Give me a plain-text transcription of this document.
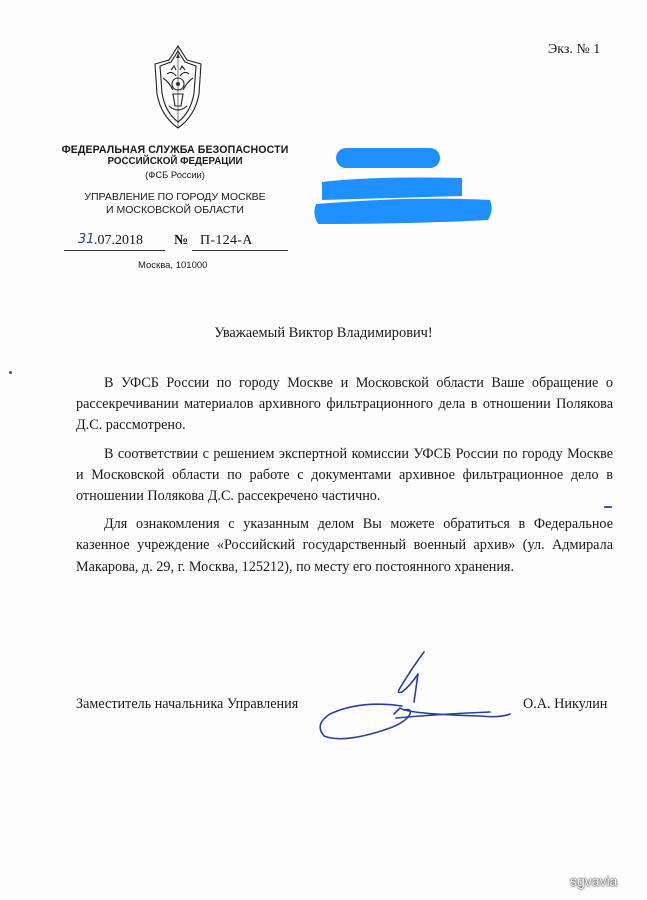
Экз. № 1
ФЕДЕРАЛЬНАЯ СЛУЖБА БЕЗОПАСНОСТИ
РОССИЙСКОЙ ФЕДЕРАЦИИ
(ФСБ России)
УПРАВЛЕНИЕ ПО ГОРОДУ МОСКВЕ
И МОСКОВСКОЙ ОБЛАСТИ
31 .07.2018 № П-124-А
Москва, 101000
Уважаемый Виктор Владимирович!

В УФСБ России по городу Москве и Московской области Ваше обращение о рассекречивании материалов архивного фильтрационного дела в отношении Полякова Д.С. рассмотрено.

В соответствии с решением экспертной комиссии УФСБ России по городу Москве и Московской области по работе с документами архивное фильтрационное дело в отношении Полякова Д.С. рассекречено частично.

Для ознакомления с указанным делом Вы можете обратиться в Федеральное казенное учреждение «Российский государственный военный архив» (ул. Адмирала Макарова, д. 29, г. Москва, 125212), по месту его постоянного хранения.

Заместитель начальника Управления	О.А. Никулин
sgvavia
